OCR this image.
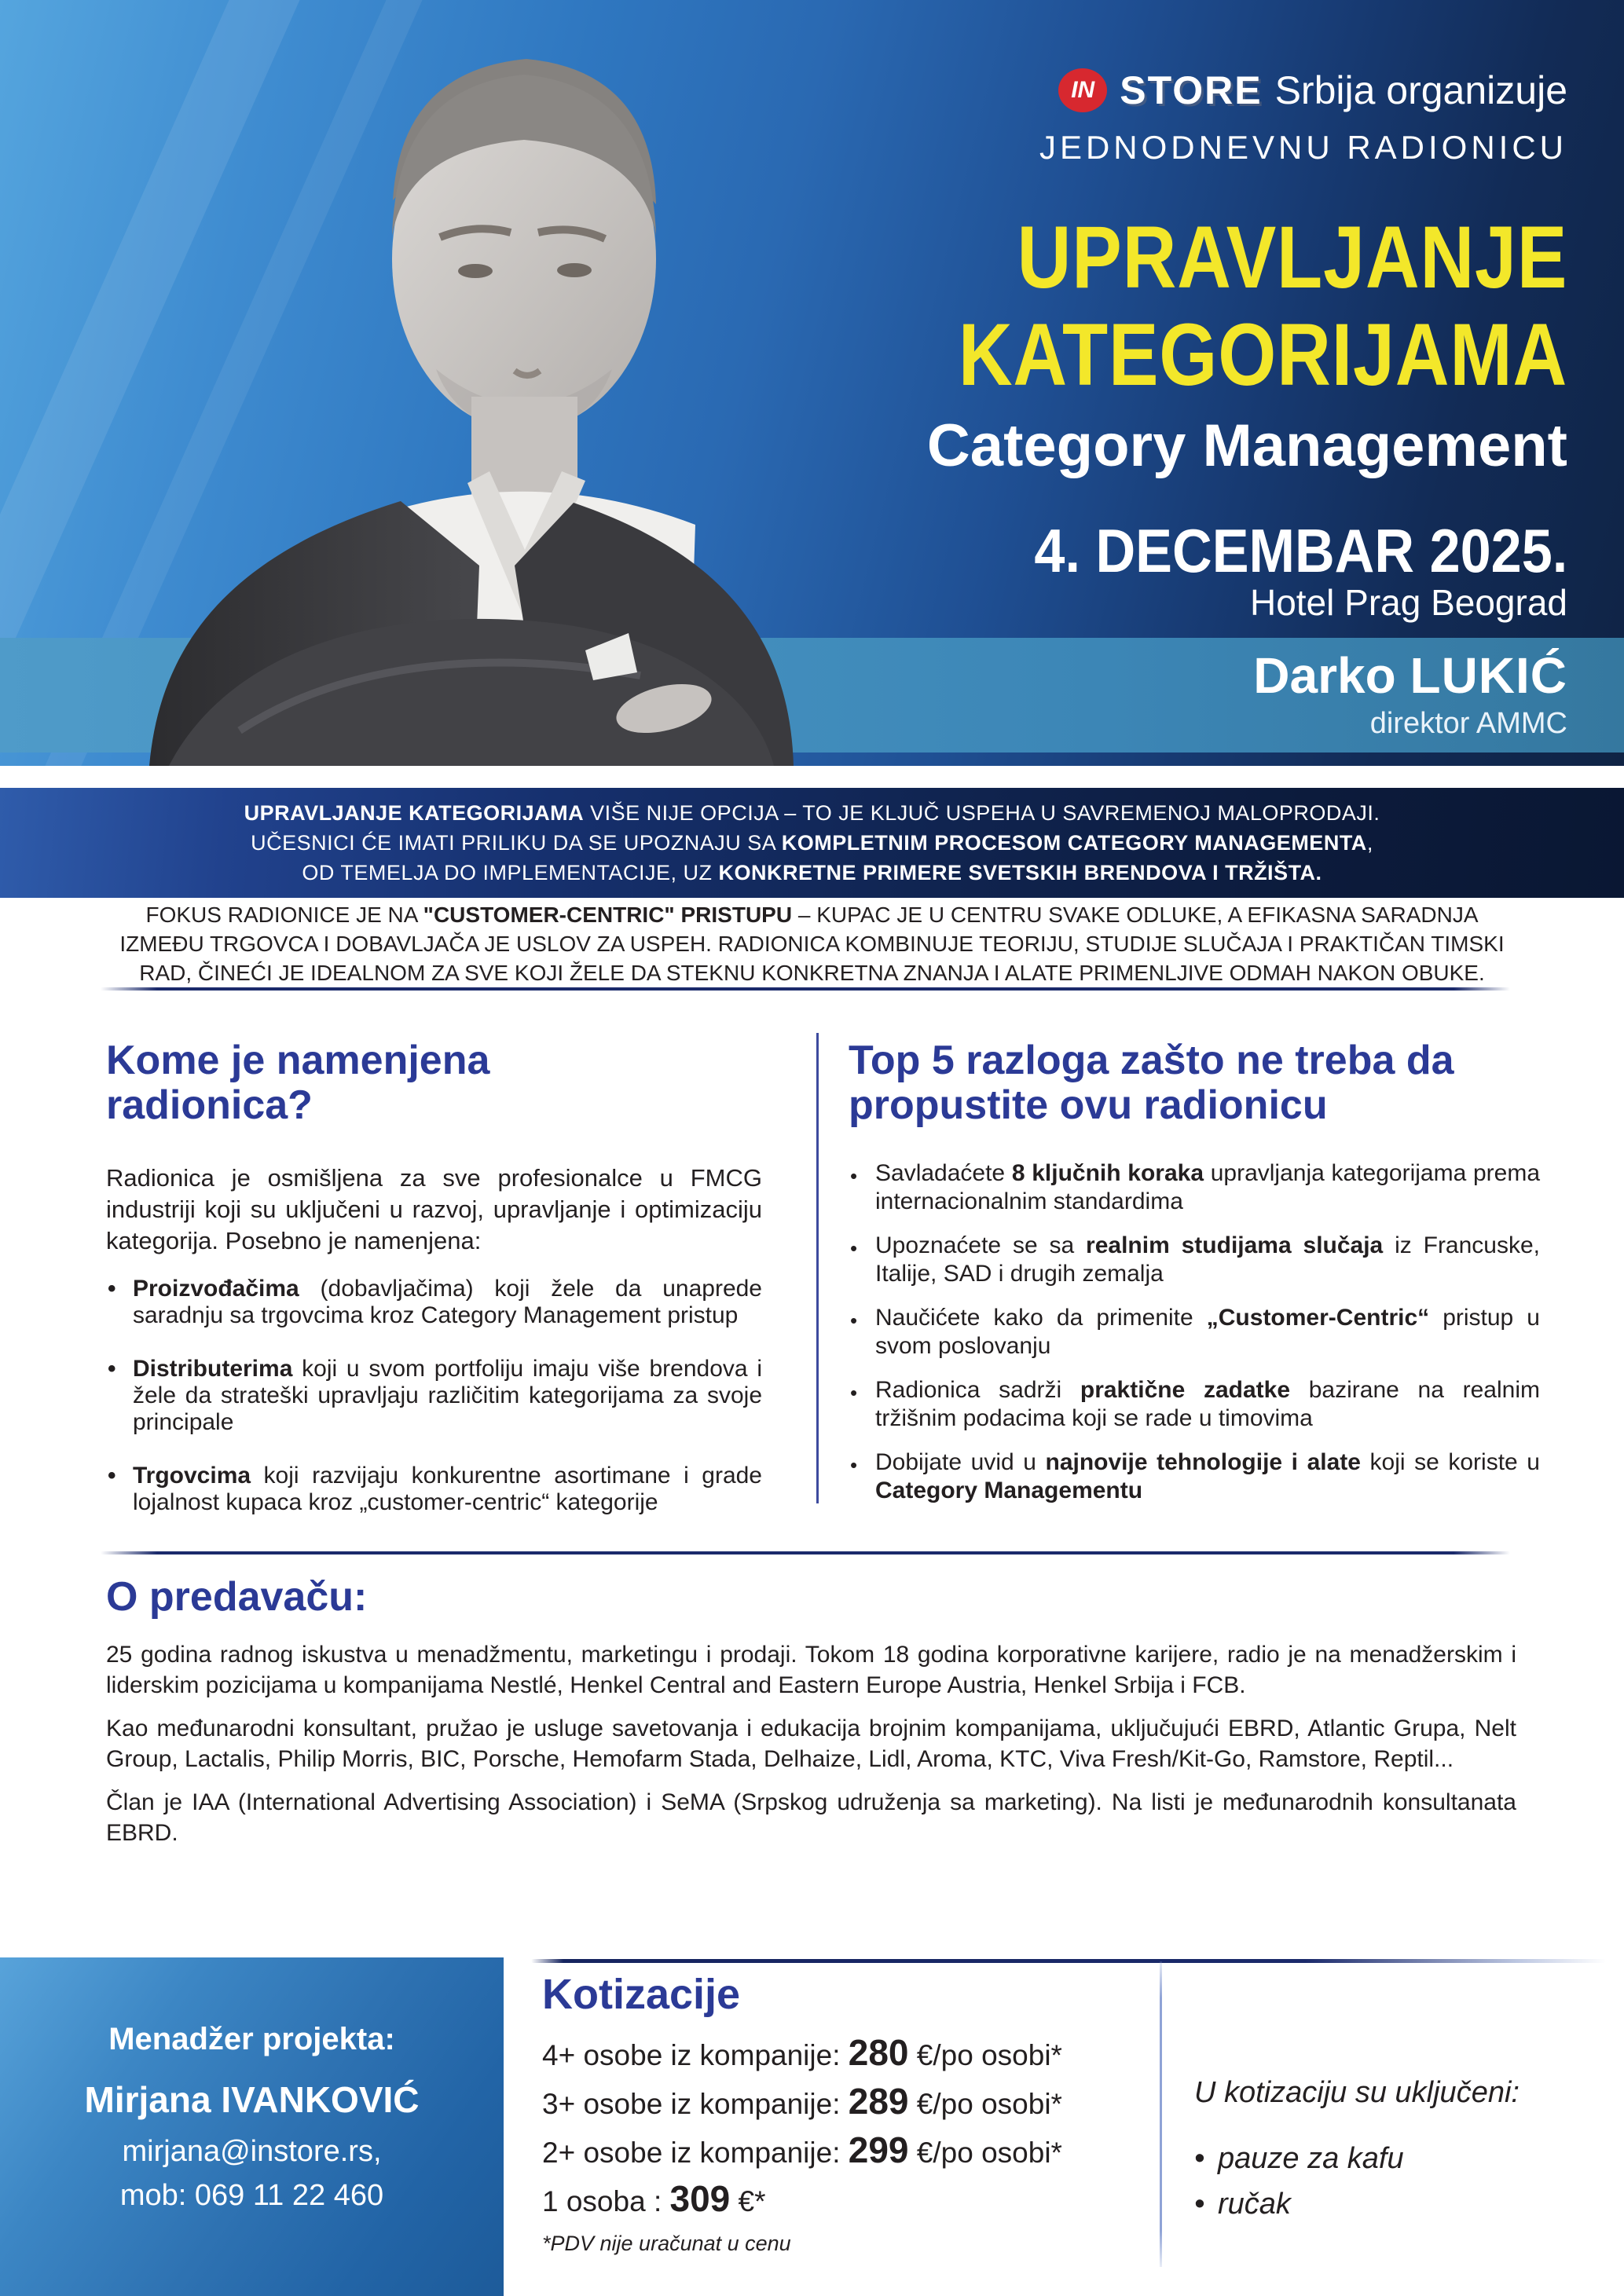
Darko LUKIĆ
direktor AMMC
IN STORE Srbija organizuje
JEDNODNEVNU RADIONICU
UPRAVLJANJE
KATEGORIJAMA
Category Management
4. DECEMBAR 2025.
Hotel Prag Beograd

UPRAVLJANJE KATEGORIJAMA VIŠE NIJE OPCIJA – TO JE KLJUČ USPEHA U SAVREMENOJ MALOPRODAJI.

UČESNICI ĆE IMATI PRILIKU DA SE UPOZNAJU SA KOMPLETNIM PROCESOM CATEGORY MANAGEMENTA,

OD TEMELJA DO IMPLEMENTACIJE, UZ KONKRETNE PRIMERE SVETSKIH BRENDOVA I TRŽIŠTA.

FOKUS RADIONICE JE NA "CUSTOMER-CENTRIC" PRISTUPU – KUPAC JE U CENTRU SVAKE ODLUKE, A EFIKASNA SARADNJA IZMEĐU TRGOVCA I DOBAVLJAČA JE USLOV ZA USPEH. RADIONICA KOMBINUJE TEORIJU, STUDIJE SLUČAJA I PRAKTIČAN TIMSKI RAD, ČINEĆI JE IDEALNOM ZA SVE KOJI ŽELE DA STEKNU KONKRETNA ZNANJA I ALATE PRIMENLJIVE ODMAH NAKON OBUKE.
Kome je namenjena radionica?

Radionica je osmišljena za sve profesionalce u FMCG industriji koji su uključeni u razvoj, upravljanje i optimizaciju kategorija. Posebno je namenjena:

• Proizvođačima (dobavljačima) koji žele da unaprede saradnju sa trgovcima kroz Category Management pristup
• Distributerima koji u svom portfoliju imaju više brendova i žele da strateški upravljaju različitim kategorijama za svoje principale
• Trgovcima koji razvijaju konkurentne asortimane i grade lojalnost kupaca kroz „customer-centric“ kategorije
Top 5 razloga zašto ne treba da propustite ovu radionicu
• Savladaćete 8 ključnih koraka upravljanja kategorijama prema internacionalnim standardima
• Upoznaćete se sa realnim studijama slučaja iz Francuske, Italije, SAD i drugih zemalja
• Naučićete kako da primenite „Customer-Centric“ pristup u svom poslovanju
• Radionica sadrži praktične zadatke bazirane na realnim tržišnim podacima koji se rade u timovima
• Dobijate uvid u najnovije tehnologije i alate koji se koriste u Category Managementu
O predavaču:

25 godina radnog iskustva u menadžmentu, marketingu i prodaji. Tokom 18 godina korporativne karijere, radio je na menadžerskim i liderskim pozicijama u kompanijama Nestlé, Henkel Central and Eastern Europe Austria, Henkel Srbija i FCB.

Kao međunarodni konsultant, pružao je usluge savetovanja i edukacija brojnim kompanijama, uključujući EBRD, Atlantic Grupa, Nelt Group, Lactalis, Philip Morris, BIC, Porsche, Hemofarm Stada, Delhaize, Lidl, Aroma, KTC, Viva Fresh/Kit-Go, Ramstore, Reptil...

Član je IAA (International Advertising Association) i SeMA (Srpskog udruženja sa marketing). Na listi je međunarodnih konsultanata EBRD.

Menadžer projekta:
Mirjana IVANKOVIĆ
mirjana@instore.rs,
mob: 069 11 22 460
Kotizacije
4+ osobe iz kompanije: 280 €/po osobi*
3+ osobe iz kompanije: 289 €/po osobi*
2+ osobe iz kompanije: 299 €/po osobi*
1 osoba : 309 €*
*PDV nije uračunat u cenu
U kotizaciju su uključeni:
• pauze za kafu
• ručak
